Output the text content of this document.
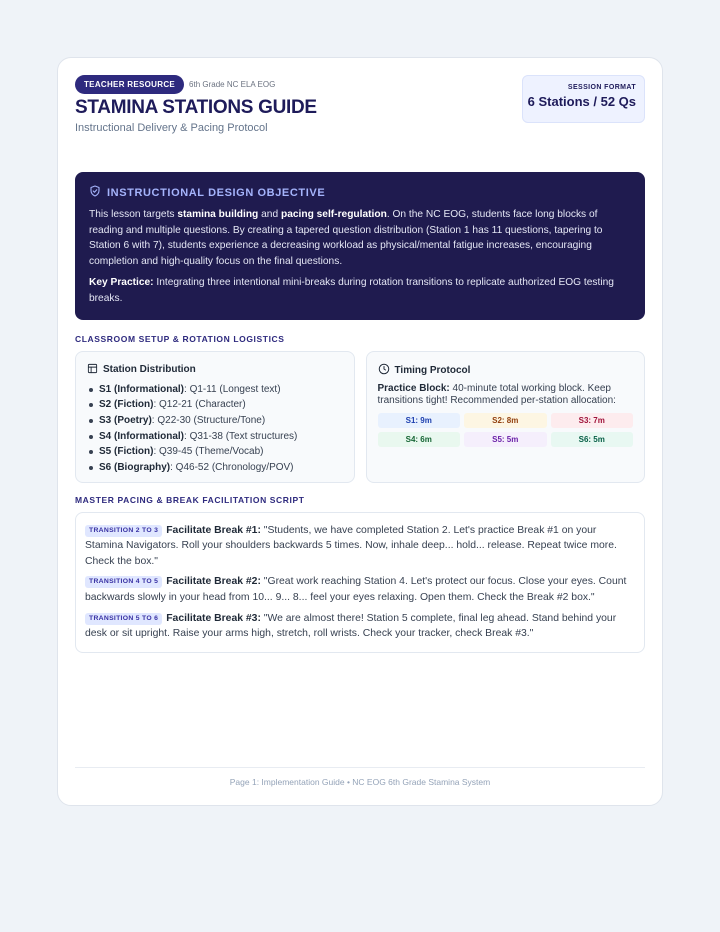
TEACHER RESOURCE	6th Grade NC ELA EOG
STAMINA STATIONS GUIDE
Instructional Delivery & Pacing Protocol
SESSION FORMAT
6 Stations / 52 Qs
INSTRUCTIONAL DESIGN OBJECTIVE

This lesson targets stamina building and pacing self-regulation. On the NC EOG, students face long blocks of reading and multiple questions. By creating a tapered question distribution (Station 1 has 11 questions, tapering to Station 6 with 7), students experience a decreasing workload as physical/mental fatigue increases, encouraging completion and high-quality focus on the final questions.

Key Practice: Integrating three intentional mini-breaks during rotation transitions to replicate authorized EOG testing breaks.

CLASSROOM SETUP & ROTATION LOGISTICS
Station Distribution
S1 (Informational): Q1-11 (Longest text)
S2 (Fiction): Q12-21 (Character)
S3 (Poetry): Q22-30 (Structure/Tone)
S4 (Informational): Q31-38 (Text structures)
S5 (Fiction): Q39-45 (Theme/Vocab)
S6 (Biography): Q46-52 (Chronology/POV)
Timing Protocol

Practice Block: 40-minute total working block. Keep transitions tight! Recommended per-station allocation:

S1: 9m	S2: 8m	S3: 7m
S4: 6m	S5: 5m	S6: 5m
MASTER PACING & BREAK FACILITATION SCRIPT

TRANSITION 2 TO 3 Facilitate Break #1: "Students, we have completed Station 2. Let's practice Break #1 on your Stamina Navigators. Roll your shoulders backwards 5 times. Now, inhale deep... hold... release. Repeat twice more. Check the box."

TRANSITION 4 TO 5 Facilitate Break #2: "Great work reaching Station 4. Let's protect our focus. Close your eyes. Count backwards slowly in your head from 10... 9... 8... feel your eyes relaxing. Open them. Check the Break #2 box."

TRANSITION 5 TO 6 Facilitate Break #3: "We are almost there! Station 5 complete, final leg ahead. Stand behind your desk or sit upright. Raise your arms high, stretch, roll wrists. Check your tracker, check Break #3."

Page 1: Implementation Guide • NC EOG 6th Grade Stamina System
